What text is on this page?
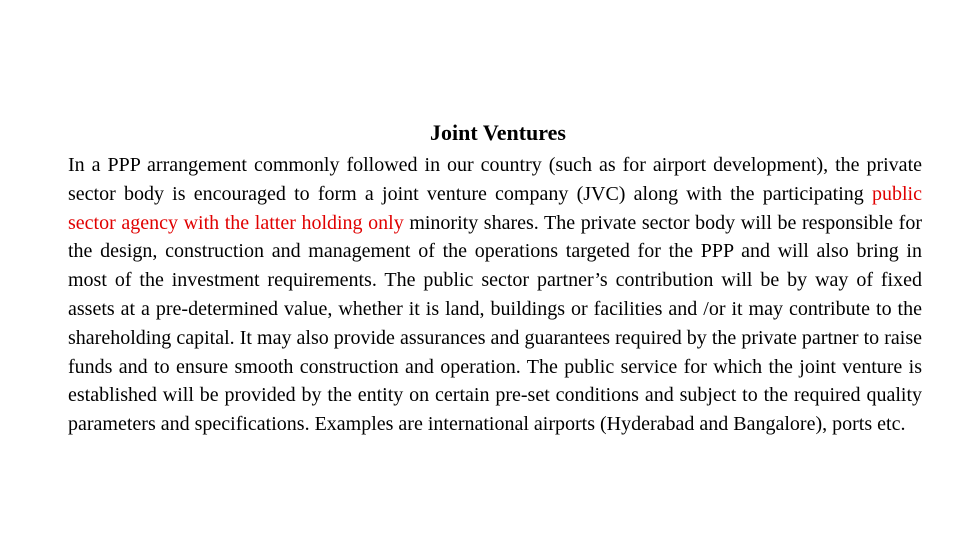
Joint Ventures

In a PPP arrangement commonly followed in our country (such as for airport development), the private sector body is encouraged to form a joint venture company (JVC) along with the participating public sector agency with the latter holding only minority shares. The private sector body will be responsible for the design, construction and management of the operations targeted for the PPP and will also bring in most of the investment requirements. The public sector partner’s contribution will be by way of fixed assets at a pre-determined value, whether it is land, buildings or facilities and /or it may contribute to the shareholding capital. It may also provide assurances and guarantees required by the private partner to raise funds and to ensure smooth construction and operation. The public service for which the joint venture is established will be provided by the entity on certain pre-set conditions and subject to the required quality parameters and specifications. Examples are international airports (Hyderabad and Bangalore), ports etc.
